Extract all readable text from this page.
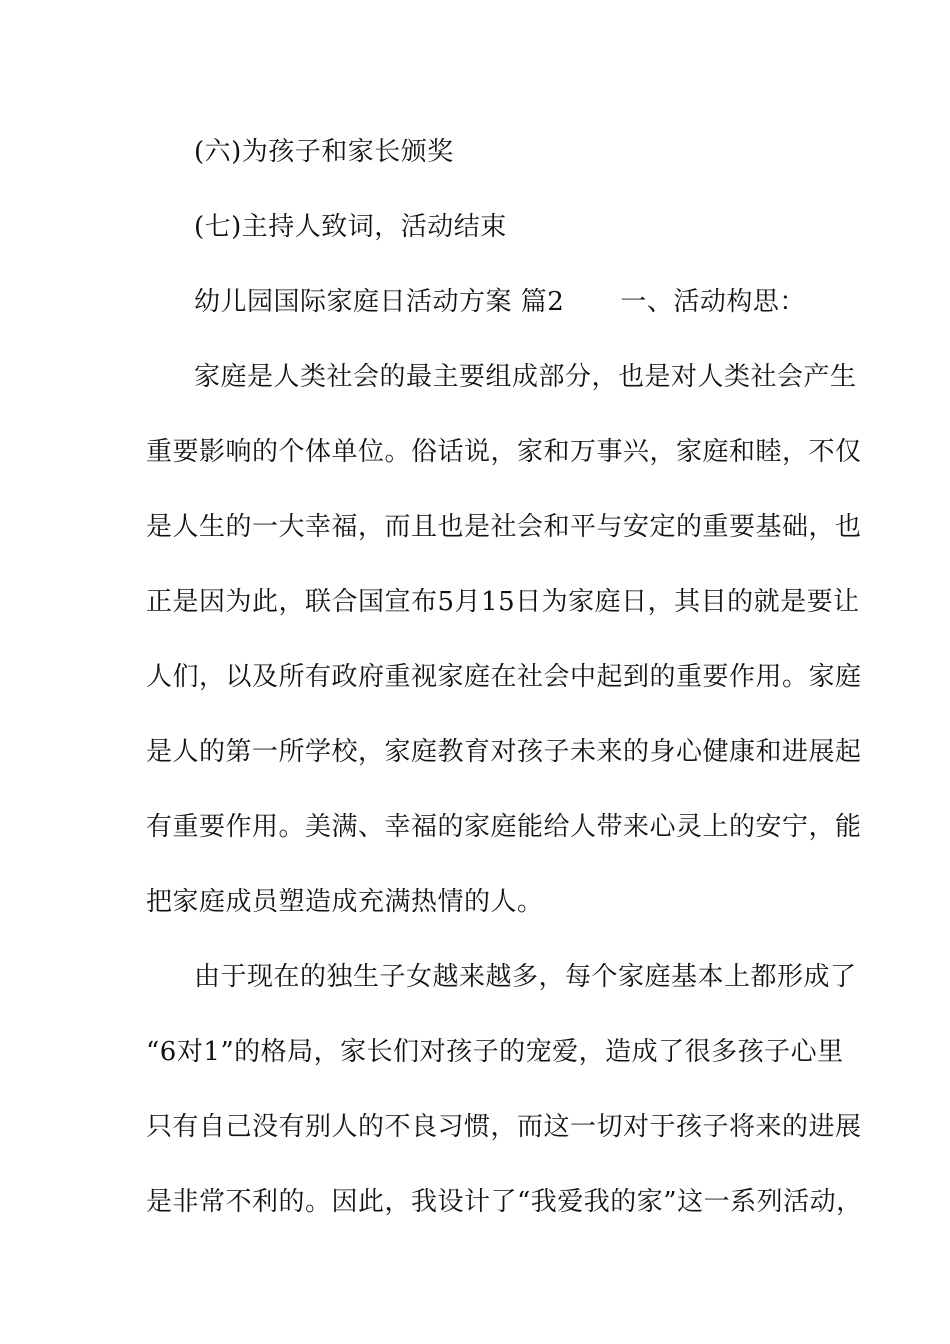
(六)为孩子和家长颁奖
(七)主持人致词，活动结束
幼儿园国际家庭日活动方案 篇2 一、活动构思：
家庭是人类社会的最主要组成部分，也是对人类社会产生
重要影响的个体单位。俗话说，家和万事兴，家庭和睦，不仅
是人生的一大幸福，而且也是社会和平与安定的重要基础，也
正是因为此，联合国宣布5月15日为家庭日，其目的就是要让
人们，以及所有政府重视家庭在社会中起到的重要作用。家庭
是人的第一所学校，家庭教育对孩子未来的身心健康和进展起
有重要作用。美满、幸福的家庭能给人带来心灵上的安宁，能
把家庭成员塑造成充满热情的人。
由于现在的独生子女越来越多，每个家庭基本上都形成了
“6对1”的格局，家长们对孩子的宠爱，造成了很多孩子心里
只有自己没有别人的不良习惯，而这一切对于孩子将来的进展
是非常不利的。因此，我设计了“我爱我的家”这一系列活动，
